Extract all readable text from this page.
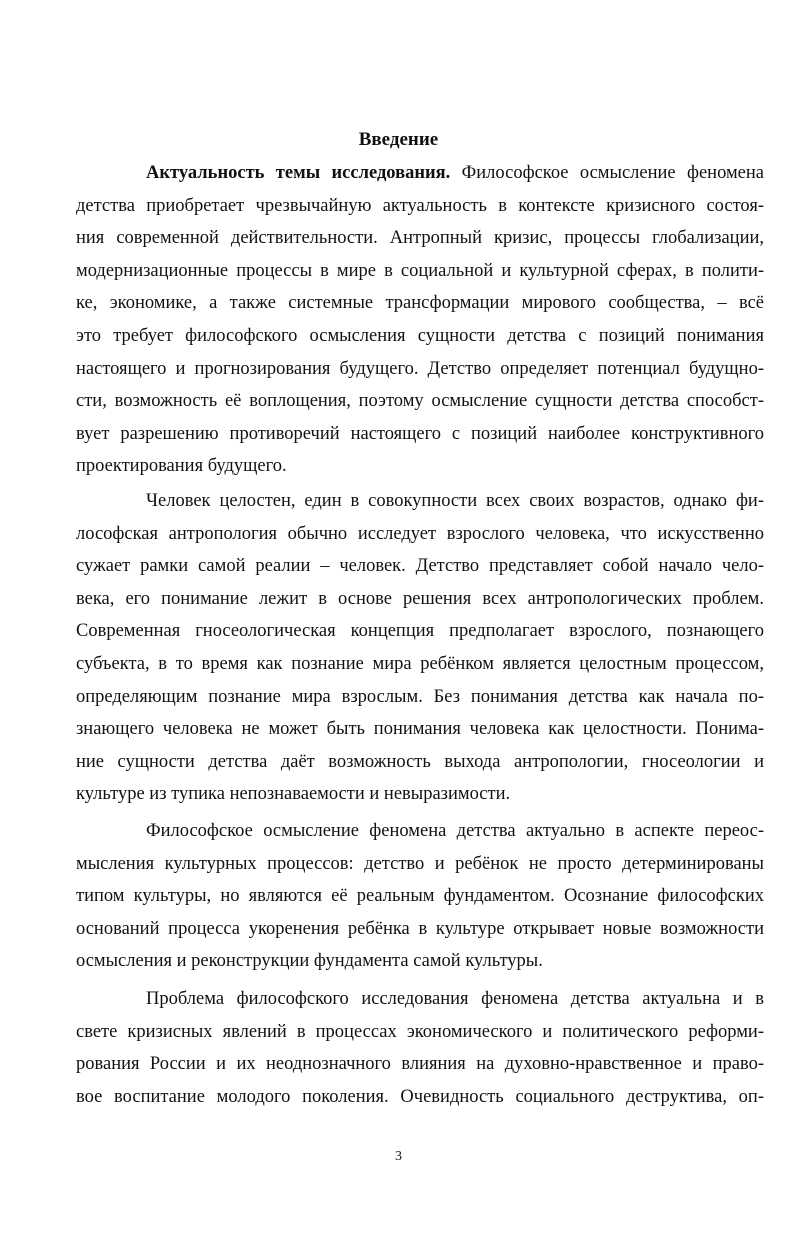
Введение
Актуальность темы исследования. Философское осмысление феномена
детства приобретает чрезвычайную актуальность в контексте кризисного состоя-
ния современной действительности. Антропный кризис, процессы глобализации,
модернизационные процессы в мире в социальной и культурной сферах, в полити-
ке, экономике, а также системные трансформации мирового сообщества, – всё
это требует философского осмысления сущности детства с позиций понимания
настоящего и прогнозирования будущего. Детство определяет потенциал будущно-
сти, возможность её воплощения, поэтому осмысление сущности детства способст-
вует разрешению противоречий настоящего с позиций наиболее конструктивного
проектирования будущего.
Человек целостен, един в совокупности всех своих возрастов, однако фи-
лософская антропология обычно исследует взрослого человека, что искусственно
сужает рамки самой реалии – человек. Детство представляет собой начало чело-
века, его понимание лежит в основе решения всех антропологических проблем.
Современная гносеологическая концепция предполагает взрослого, познающего
субъекта, в то время как познание мира ребёнком является целостным процессом,
определяющим познание мира взрослым. Без понимания детства как начала по-
знающего человека не может быть понимания человека как целостности. Понима-
ние сущности детства даёт возможность выхода антропологии, гносеологии и
культуре из тупика непознаваемости и невыразимости.
Философское осмысление феномена детства актуально в аспекте переос-
мысления культурных процессов: детство и ребёнок не просто детерминированы
типом культуры, но являются её реальным фундаментом. Осознание философских
оснований процесса укоренения ребёнка в культуре открывает новые возможности
осмысления и реконструкции фундамента самой культуры.
Проблема философского исследования феномена детства актуальна и в
свете кризисных явлений в процессах экономического и политического реформи-
рования России и их неоднозначного влияния на духовно-нравственное и право-
вое воспитание молодого поколения. Очевидность социального деструктива, оп-
3
